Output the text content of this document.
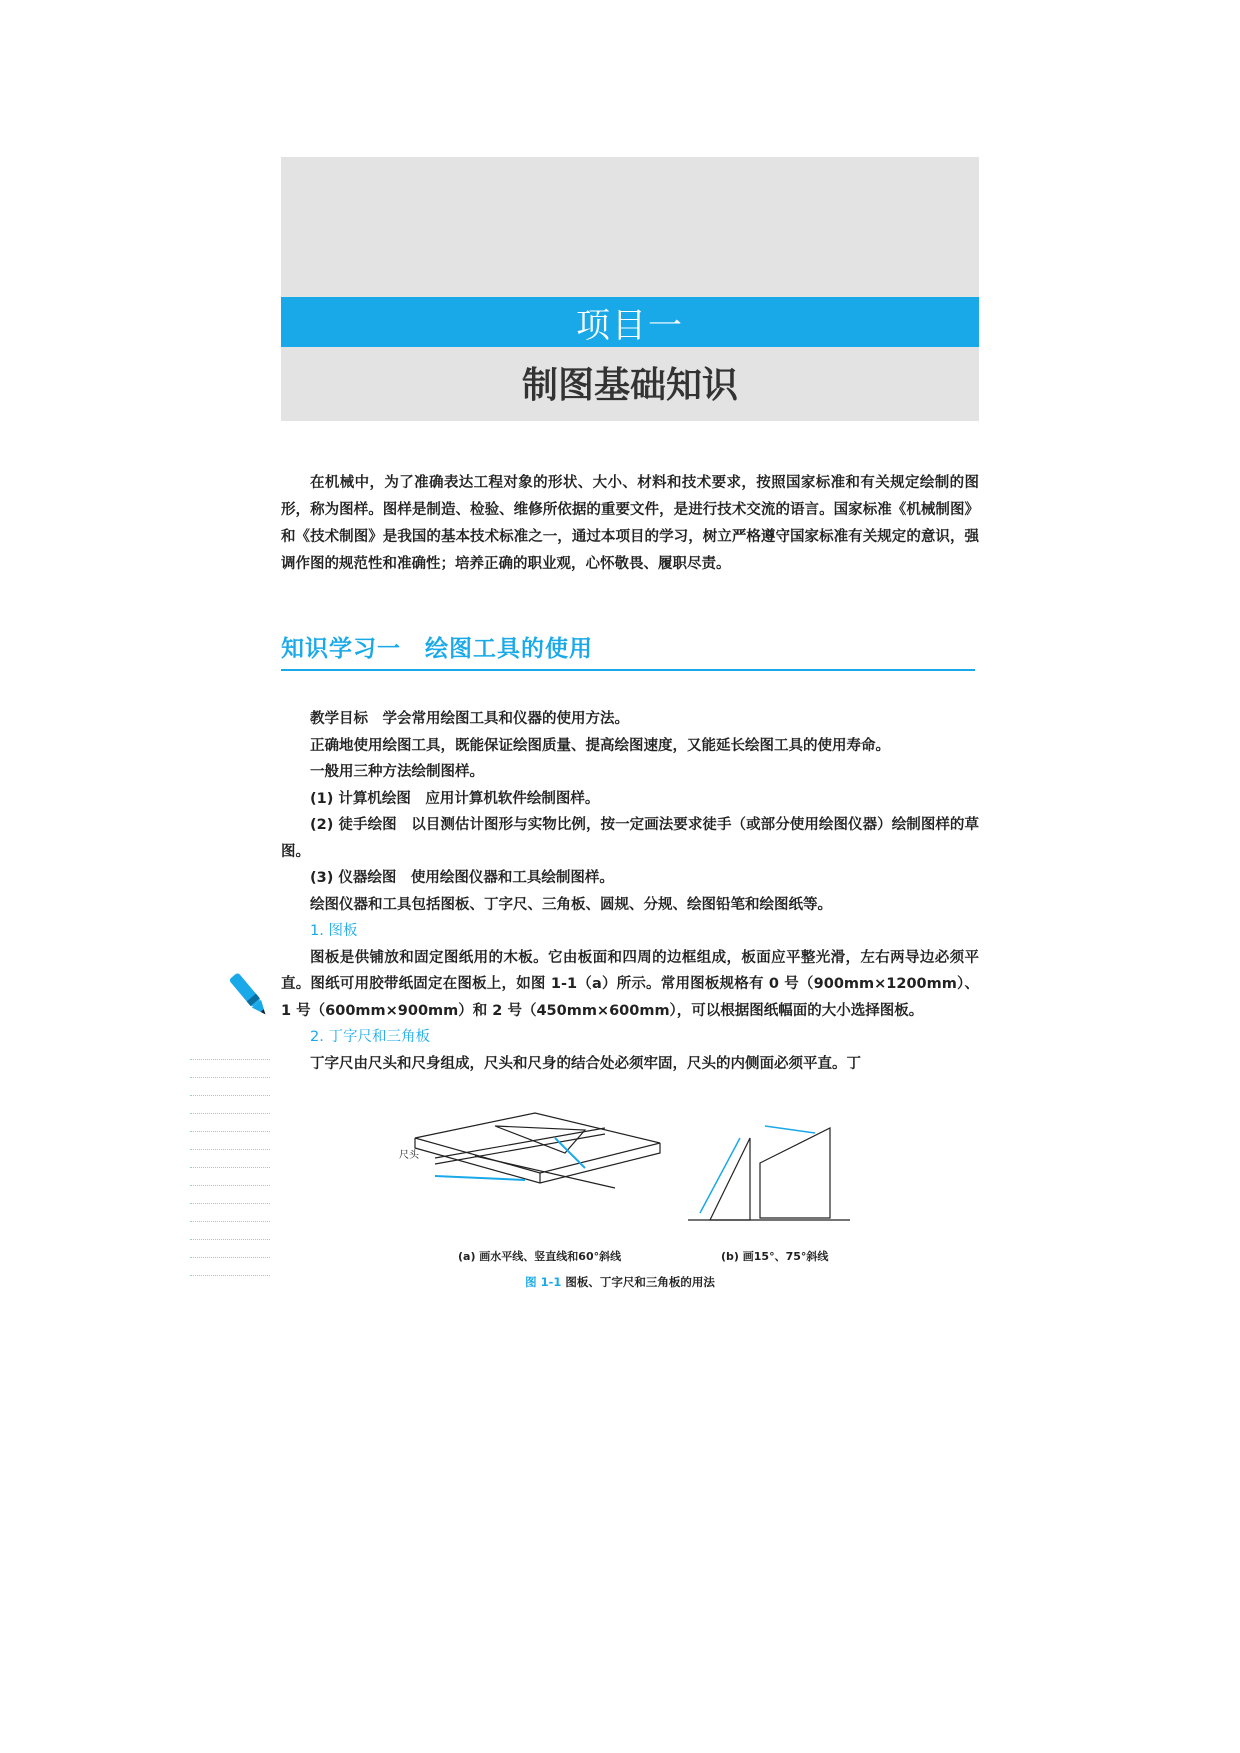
项目一
制图基础知识

在机械中，为了准确表达工程对象的形状、大小、材料和技术要求，按照国家标准和有关规定绘制的图形，称为图样。图样是制造、检验、维修所依据的重要文件，是进行技术交流的语言。国家标准《机械制图》和《技术制图》是我国的基本技术标准之一，通过本项目的学习，树立严格遵守国家标准有关规定的意识，强调作图的规范性和准确性；培养正确的职业观，心怀敬畏、履职尽责。

知识学习一　绘图工具的使用

教学目标　学会常用绘图工具和仪器的使用方法。

正确地使用绘图工具，既能保证绘图质量、提高绘图速度，又能延长绘图工具的使用寿命。

一般用三种方法绘制图样。

(1) 计算机绘图　应用计算机软件绘制图样。

(2) 徒手绘图　以目测估计图形与实物比例，按一定画法要求徒手（或部分使用绘图仪器）绘制图样的草图。

(3) 仪器绘图　使用绘图仪器和工具绘制图样。

绘图仪器和工具包括图板、丁字尺、三角板、圆规、分规、绘图铅笔和绘图纸等。

1. 图板

图板是供铺放和固定图纸用的木板。它由板面和四周的边框组成，板面应平整光滑，左右两导边必须平直。图纸可用胶带纸固定在图板上，如图 1-1（a）所示。常用图板规格有 0 号（900mm×1200mm）、1 号（600mm×900mm）和 2 号（450mm×600mm），可以根据图纸幅面的大小选择图板。

2. 丁字尺和三角板

丁字尺由尺头和尺身组成，尺头和尺身的结合处必须牢固，尺头的内侧面必须平直。丁

尺头
(a) 画水平线、竖直线和60°斜线	(b) 画15°、75°斜线
图 1-1 图板、丁字尺和三角板的用法
